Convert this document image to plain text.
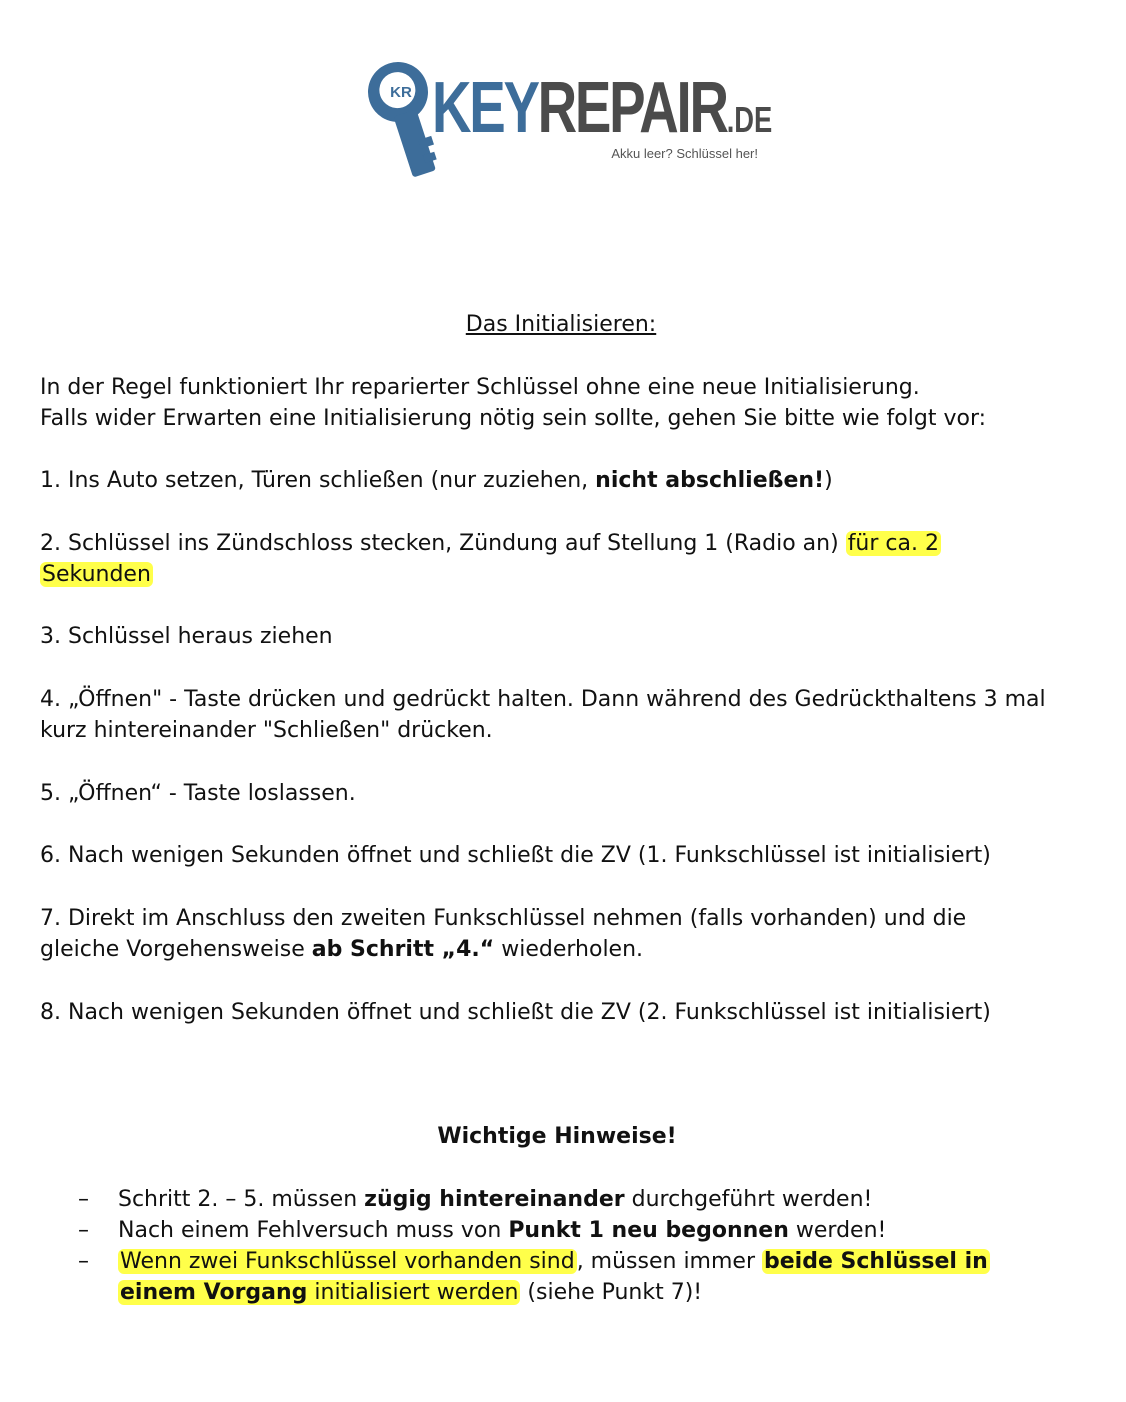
KR KEYREPAIR.DE
Akku leer? Schlüssel her!
Das Initialisieren:

In der Regel funktioniert Ihr reparierter Schlüssel ohne eine neue Initialisierung.
Falls wider Erwarten eine Initialisierung nötig sein sollte, gehen Sie bitte wie folgt vor:

1. Ins Auto setzen, Türen schließen (nur zuziehen, nicht abschließen!)

2. Schlüssel ins Zündschloss stecken, Zündung auf Stellung 1 (Radio an) für ca. 2
Sekunden

3. Schlüssel heraus ziehen

4. „Öffnen" - Taste drücken und gedrückt halten. Dann während des Gedrückthaltens 3 mal kurz hintereinander "Schließen" drücken.

5. „Öffnen“ - Taste loslassen.

6. Nach wenigen Sekunden öffnet und schließt die ZV (1. Funkschlüssel ist initialisiert)

7. Direkt im Anschluss den zweiten Funkschlüssel nehmen (falls vorhanden) und die gleiche Vorgehensweise ab Schritt „4.“ wiederholen.

8. Nach wenigen Sekunden öffnet und schließt die ZV (2. Funkschlüssel ist initialisiert)

Wichtige Hinweise!
– Schritt 2. – 5. müssen zügig hintereinander durchgeführt werden!
– Nach einem Fehlversuch muss von Punkt 1 neu begonnen werden!
– Wenn zwei Funkschlüssel vorhanden sind, müssen immer beide Schlüssel in
einem Vorgang initialisiert werden (siehe Punkt 7)!
